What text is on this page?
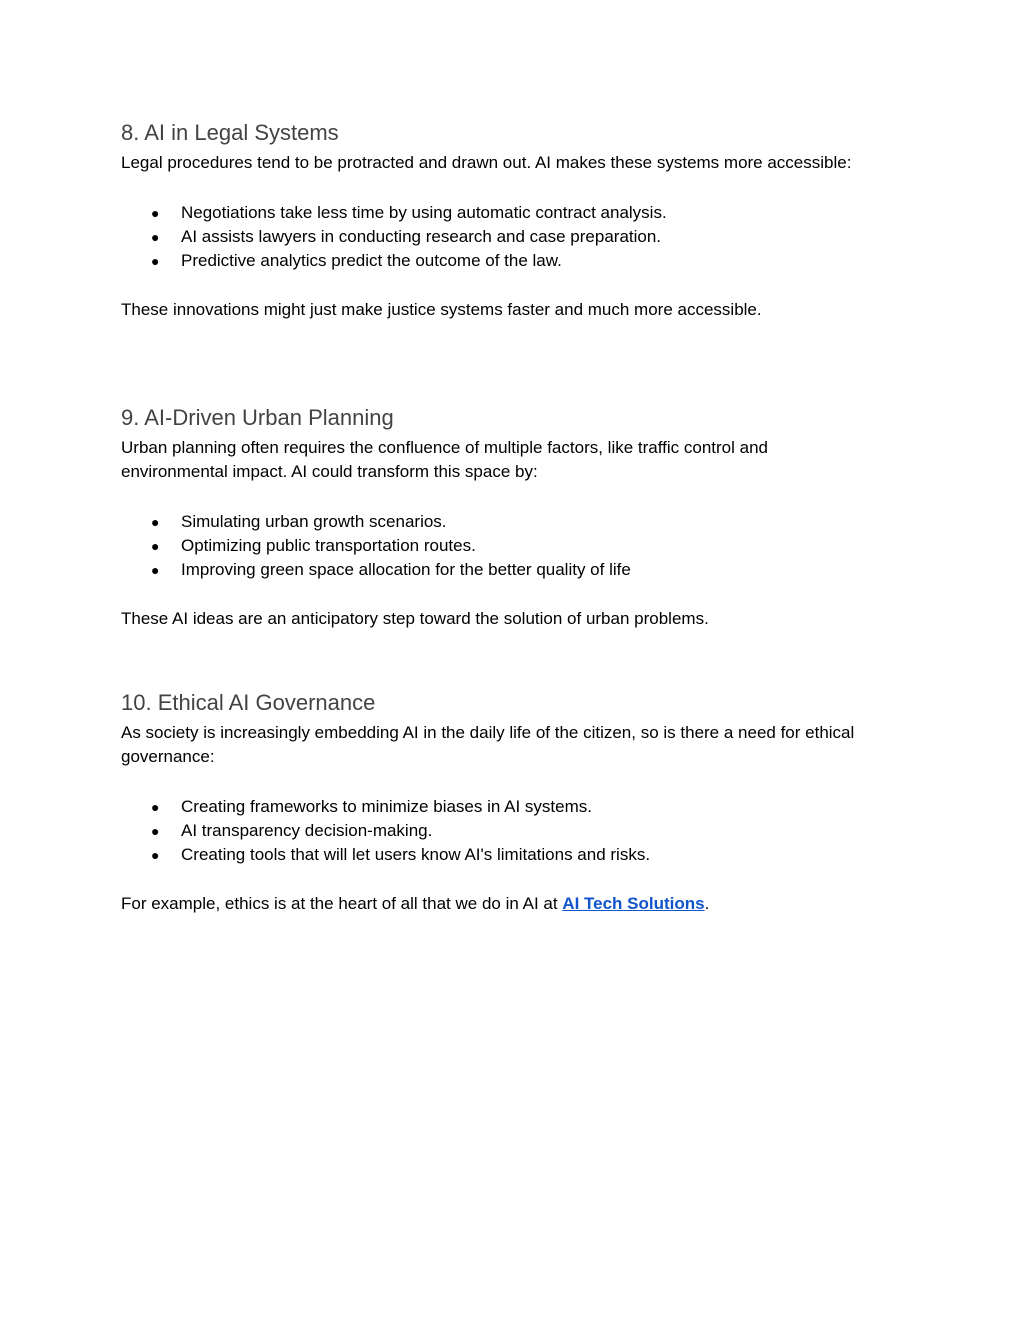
8. AI in Legal Systems

Legal procedures tend to be protracted and drawn out. AI makes these systems more accessible:

● Negotiations take less time by using automatic contract analysis.
● AI assists lawyers in conducting research and case preparation.
● Predictive analytics predict the outcome of the law.

These innovations might just make justice systems faster and much more accessible.

9. AI-Driven Urban Planning

Urban planning often requires the confluence of multiple factors, like traffic control and environmental impact. AI could transform this space by:

● Simulating urban growth scenarios.
● Optimizing public transportation routes.
● Improving green space allocation for the better quality of life

These AI ideas are an anticipatory step toward the solution of urban problems.

10. Ethical AI Governance

As society is increasingly embedding AI in the daily life of the citizen, so is there a need for ethical governance:

● Creating frameworks to minimize biases in AI systems.
● AI transparency decision-making.
● Creating tools that will let users know AI's limitations and risks.

For example, ethics is at the heart of all that we do in AI at AI Tech Solutions.
